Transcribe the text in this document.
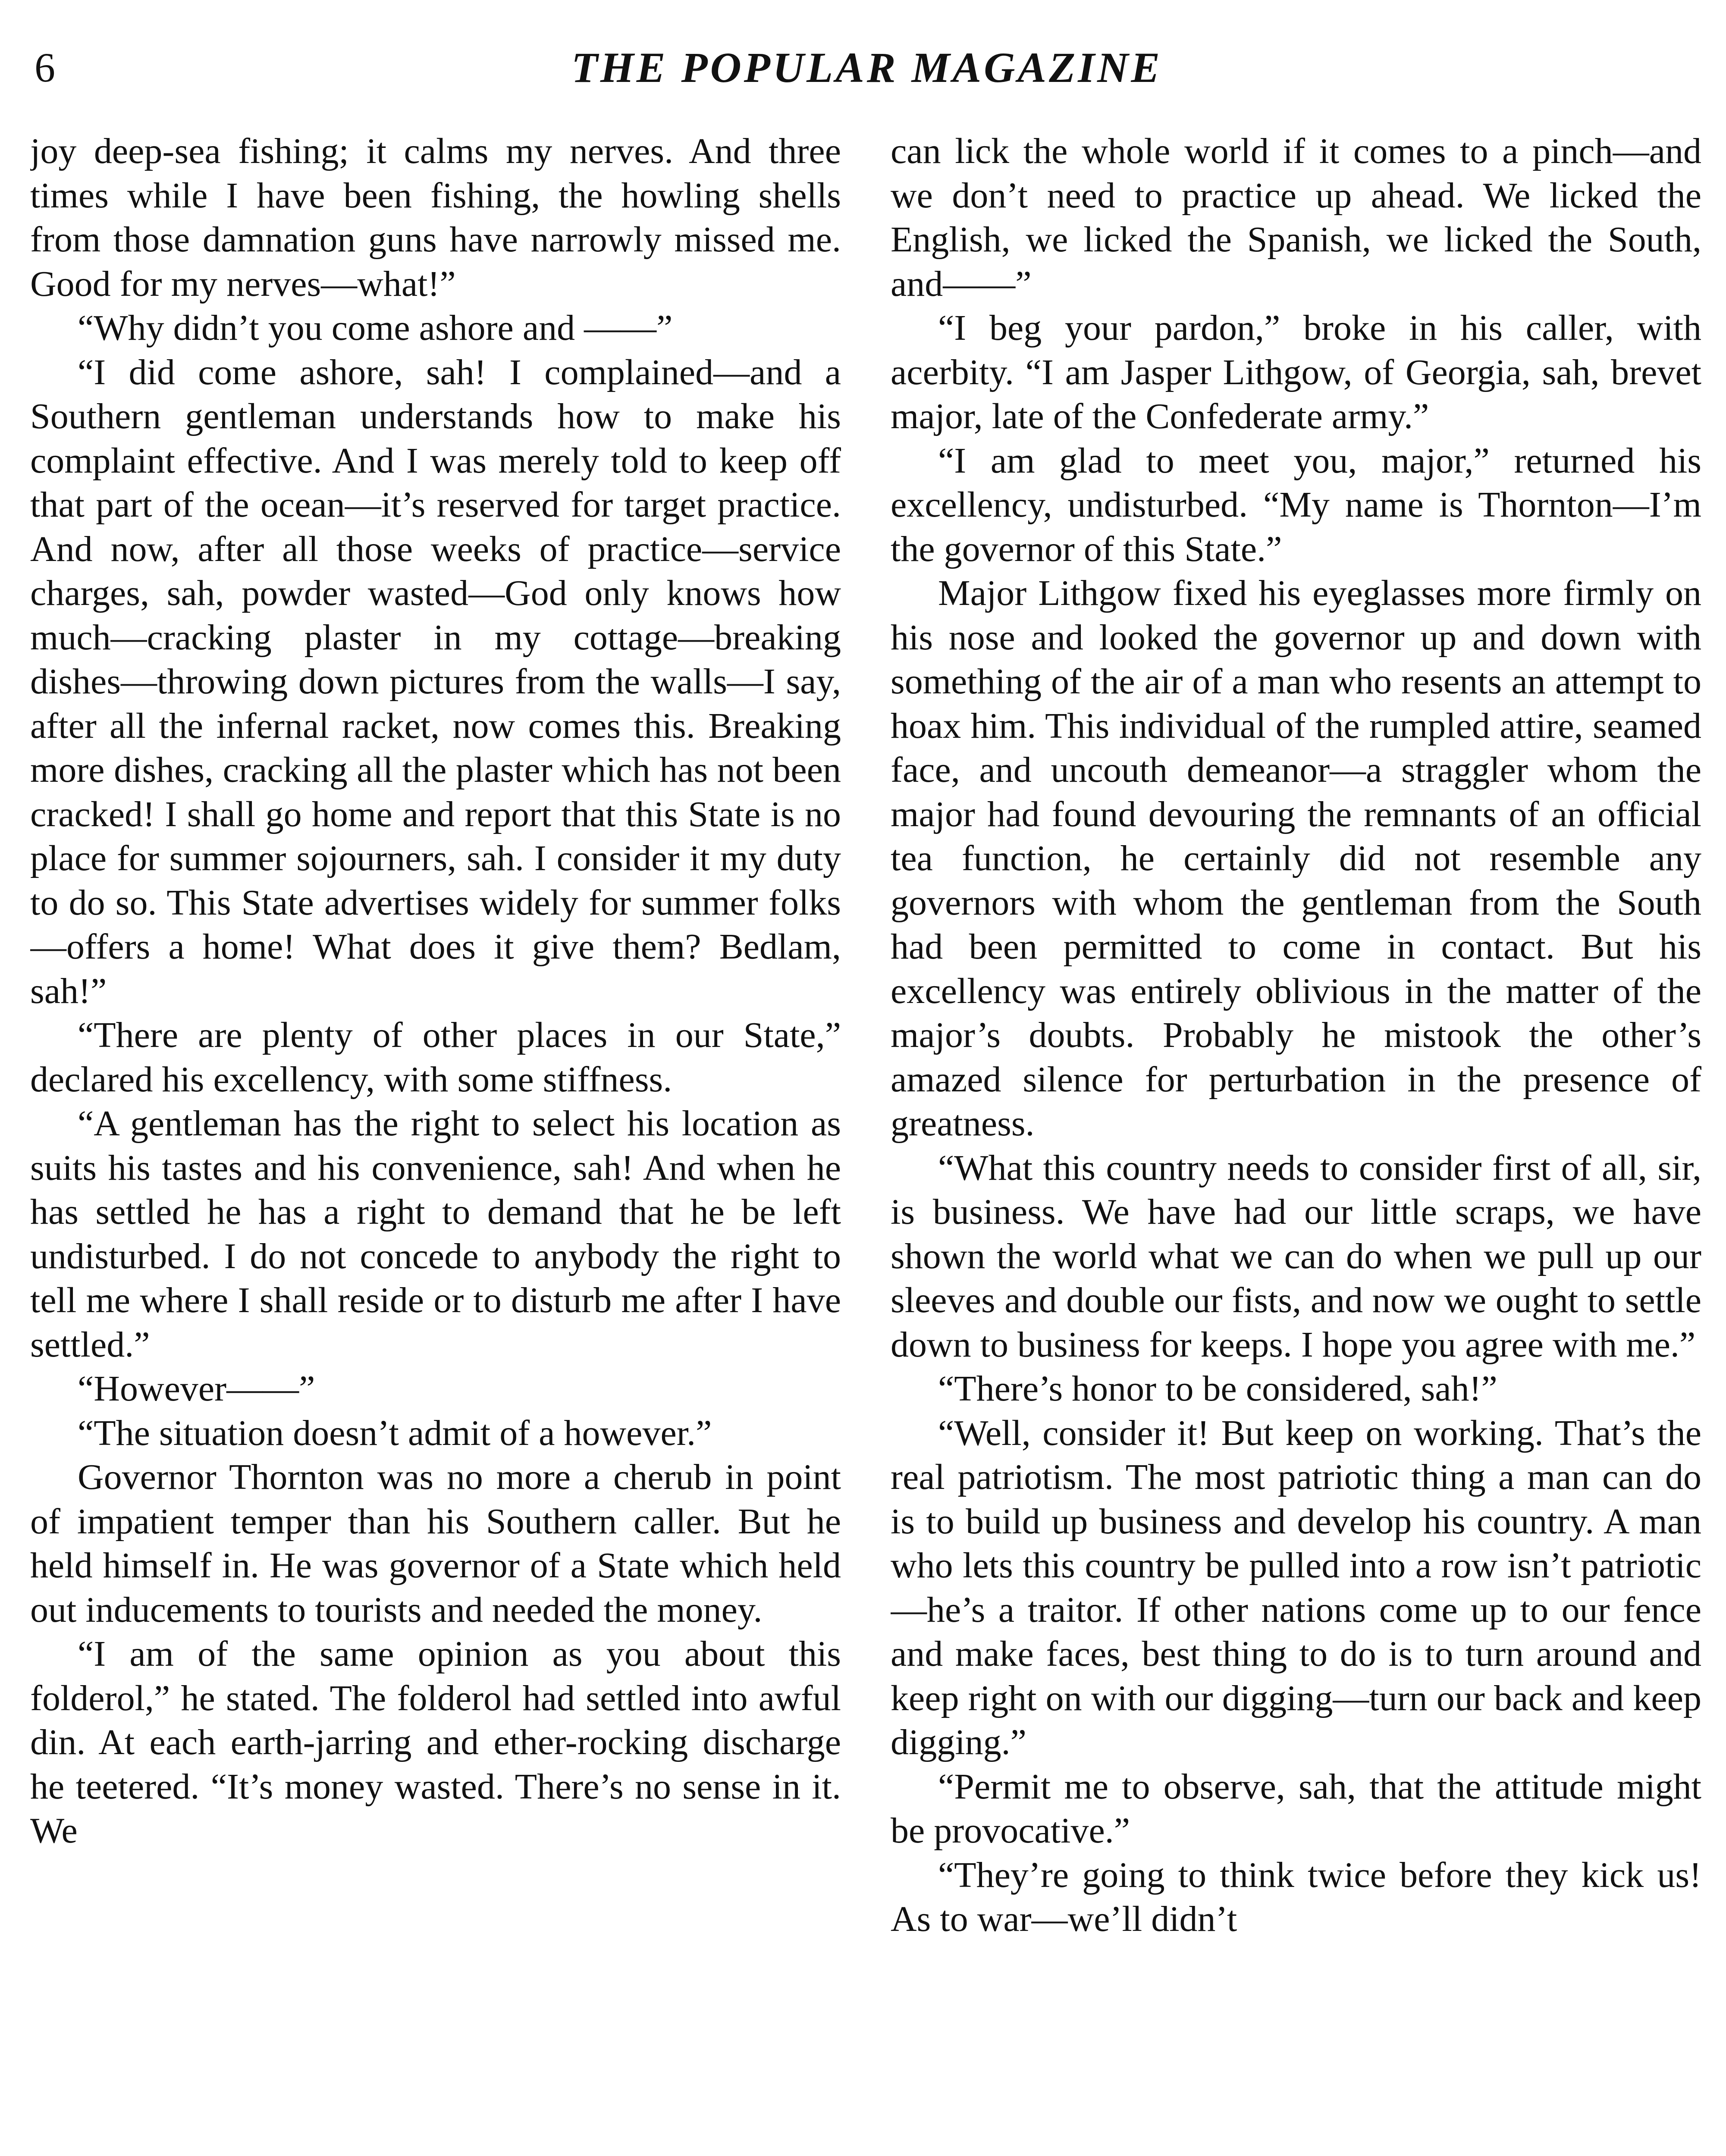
6	THE POPULAR MAGAZINE

joy deep-sea fishing; it calms my nerves. And three times while I have been fishing, the howling shells from those damnation guns have narrowly missed me. Good for my nerves—what!”

“Why didn’t you come ashore and ——”

“I did come ashore, sah! I complained—and a Southern gentleman understands how to make his complaint effective. And I was merely told to keep off that part of the ocean—it’s reserved for target practice. And now, after all those weeks of practice—service charges, sah, powder wasted—God only knows how much—cracking plaster in my cottage—breaking dishes—throwing down pictures from the walls—I say, after all the infernal racket, now comes this. Breaking more dishes, cracking all the plaster which has not been cracked! I shall go home and report that this State is no place for summer sojourners, sah. I consider it my duty to do so. This State advertises widely for summer folks—offers a home! What does it give them? Bedlam, sah!”

“There are plenty of other places in our State,” declared his excellency, with some stiffness.

“A gentleman has the right to select his location as suits his tastes and his convenience, sah! And when he has settled he has a right to demand that he be left undisturbed. I do not concede to anybody the right to tell me where I shall reside or to disturb me after I have settled.”

“However——”

“The situation doesn’t admit of a however.”

Governor Thornton was no more a cherub in point of impatient temper than his Southern caller. But he held himself in. He was governor of a State which held out inducements to tourists and needed the money.

“I am of the same opinion as you about this folderol,” he stated. The folderol had settled into awful din. At each earth-jarring and ether-rocking discharge he teetered. “It’s money wasted. There’s no sense in it. We

can lick the whole world if it comes to a pinch—and we don’t need to practice up ahead. We licked the English, we licked the Spanish, we licked the South, and——”

“I beg your pardon,” broke in his caller, with acerbity. “I am Jasper Lithgow, of Georgia, sah, brevet major, late of the Confederate army.”

“I am glad to meet you, major,” returned his excellency, undisturbed. “My name is Thornton—I’m the governor of this State.”

Major Lithgow fixed his eyeglasses more firmly on his nose and looked the governor up and down with something of the air of a man who resents an attempt to hoax him. This individual of the rumpled attire, seamed face, and uncouth demeanor—a straggler whom the major had found devouring the remnants of an official tea function, he certainly did not resemble any governors with whom the gentleman from the South had been permitted to come in contact. But his excellency was entirely oblivious in the matter of the major’s doubts. Probably he mistook the other’s amazed silence for perturbation in the presence of greatness.

“What this country needs to consider first of all, sir, is business. We have had our little scraps, we have shown the world what we can do when we pull up our sleeves and double our fists, and now we ought to settle down to business for keeps. I hope you agree with me.”

“There’s honor to be considered, sah!”

“Well, consider it! But keep on working. That’s the real patriotism. The most patriotic thing a man can do is to build up business and develop his country. A man who lets this country be pulled into a row isn’t patriotic—he’s a traitor. If other nations come up to our fence and make faces, best thing to do is to turn around and keep right on with our digging—turn our back and keep digging.”

“Permit me to observe, sah, that the attitude might be provocative.”

“They’re going to think twice before they kick us! As to war—we’ll didn’t
